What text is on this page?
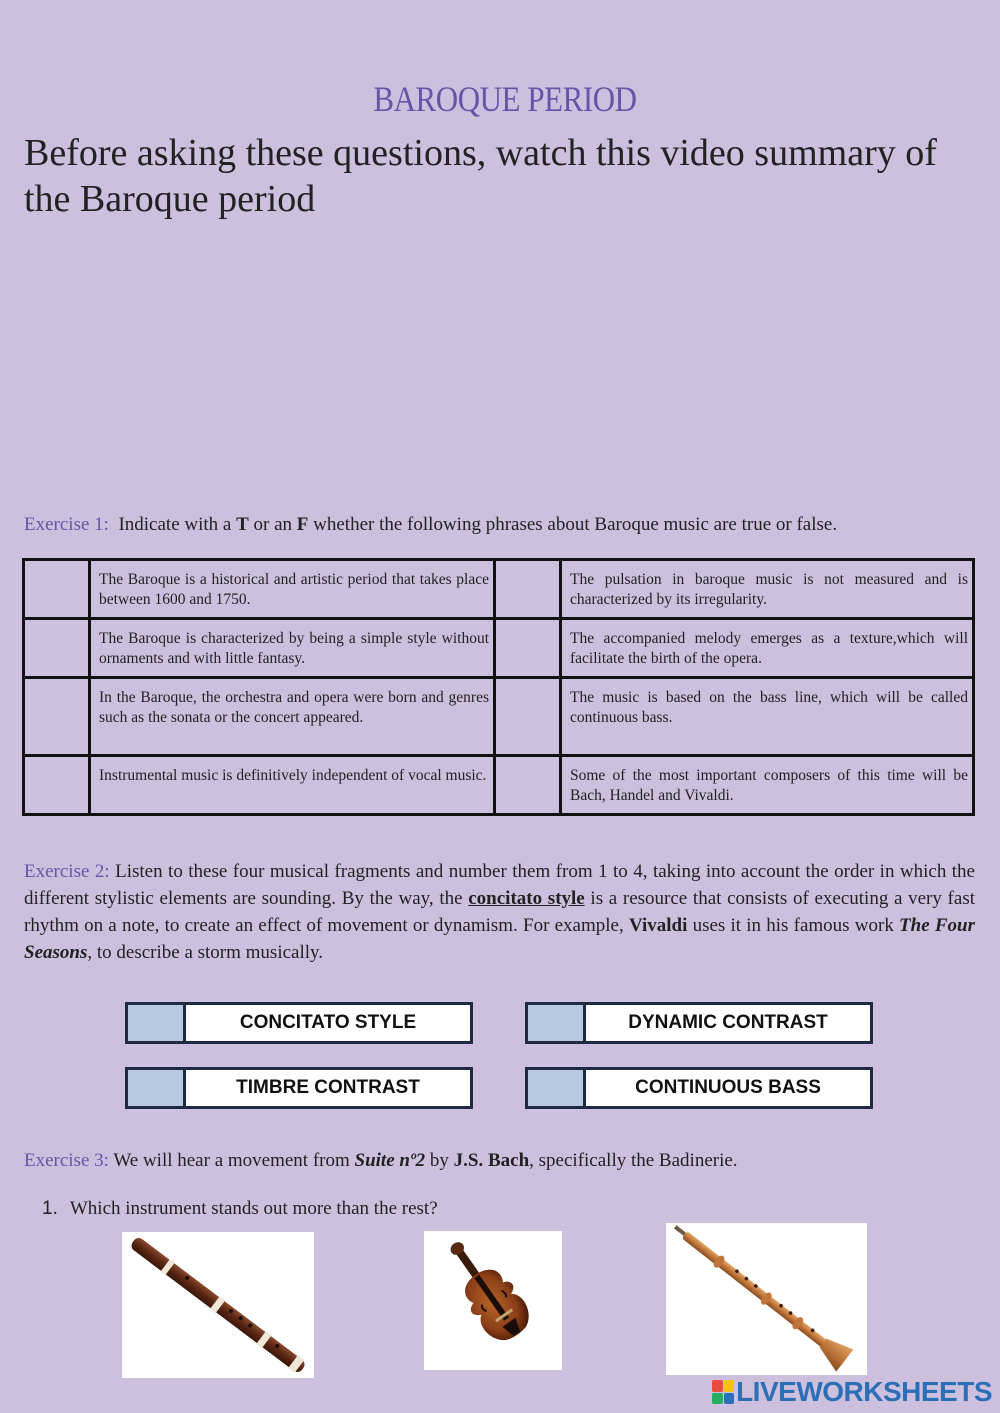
BAROQUE PERIOD
Before asking these questions, watch this video summary of the Baroque period
Exercise 1: Indicate with a T or an F whether the following phrases about Baroque music are true or false.
	The Baroque is a historical and artistic period that takes place between 1600 and 1750.		The pulsation in baroque music is not measured and is characterized by its irregularity.
	The Baroque is characterized by being a simple style without ornaments and with little fantasy.		The accompanied melody emerges as a texture,which will facilitate the birth of the opera.
	In the Baroque, the orchestra and opera were born and genres such as the sonata or the concert appeared.		The music is based on the bass line, which will be called continuous bass.
	Instrumental music is definitively independent of vocal music.		Some of the most important composers of this time will be Bach, Handel and Vivaldi.
Exercise 2: Listen to these four musical fragments and number them from 1 to 4, taking into account the order in which the different stylistic elements are sounding. By the way, the concitato style is a resource that consists of executing a very fast rhythm on a note, to create an effect of movement or dynamism. For example, Vivaldi uses it in his famous work The Four Seasons, to describe a storm musically.
CONCITATO STYLE	DYNAMIC CONTRAST
TIMBRE CONTRAST	CONTINUOUS BASS
Exercise 3: We will hear a movement from Suite nº2 by J.S. Bach, specifically the Badinerie.
1. Which instrument stands out more than the rest?
LIVEWORKSHEETS
